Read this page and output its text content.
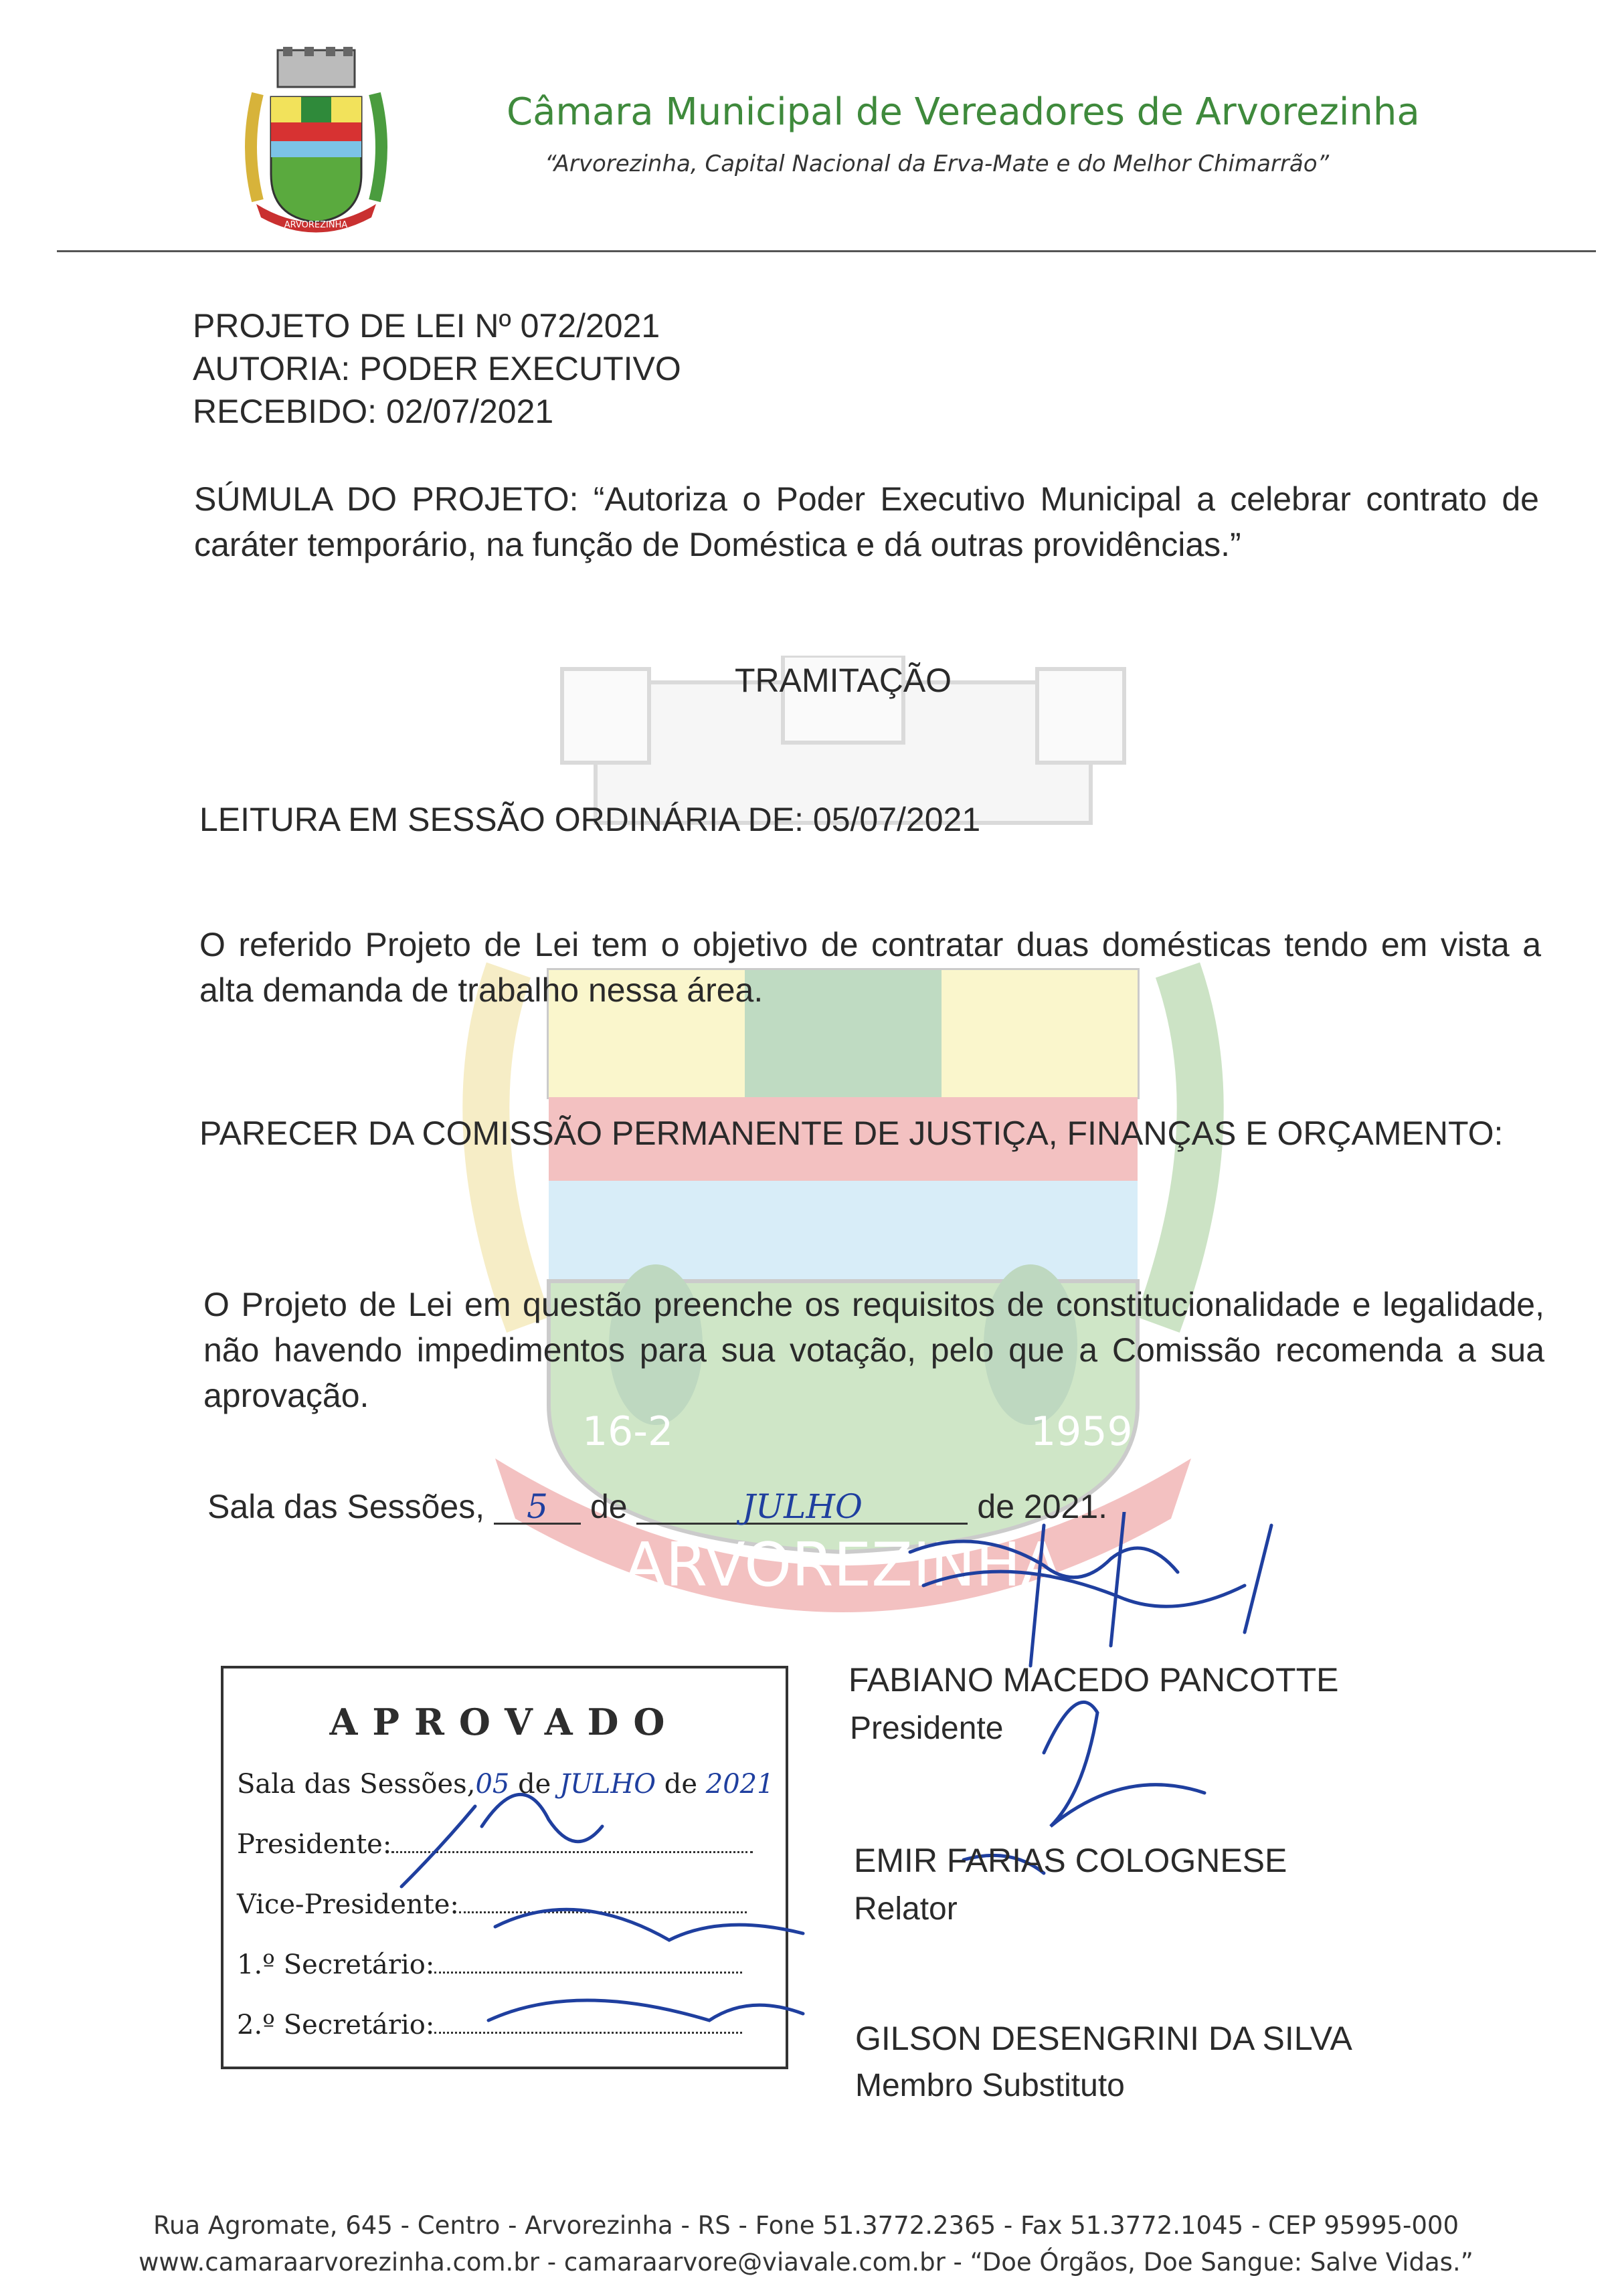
ARVOREZINHA
Câmara Municipal de Vereadores de Arvorezinha
“Arvorezinha, Capital Nacional da Erva-Mate e do Melhor Chimarrão”
ARVOREZINHA
16-2	1959
PROJETO DE LEI Nº 072/2021
AUTORIA: PODER EXECUTIVO
RECEBIDO: 02/07/2021
SÚMULA DO PROJETO: “Autoriza o Poder Executivo Municipal a celebrar contrato de caráter temporário, na função de Doméstica e dá outras providências.”
TRAMITAÇÃO
LEITURA EM SESSÃO ORDINÁRIA DE: 05/07/2021
O referido Projeto de Lei tem o objetivo de contratar duas domésticas tendo em vista a alta demanda de trabalho nessa área.
PARECER DA COMISSÃO PERMANENTE DE JUSTIÇA, FINANÇAS E ORÇAMENTO:
O Projeto de Lei em questão preenche os requisitos de constitucionalidade e legalidade, não havendo impedimentos para sua votação, pelo que a Comissão recomenda a sua aprovação.
Sala das Sessões, 5 de	JULHO	de 2021.
APROVADO
Sala das Sessões,05 de JULHO de 2021
Presidente:
Vice-Presidente:
1.º Secretário:
2.º Secretário:
FABIANO MACEDO PANCOTTE
Presidente
EMIR FARIAS COLOGNESE
Relator
GILSON DESENGRINI DA SILVA
Membro Substituto
Rua Agromate, 645 - Centro - Arvorezinha - RS - Fone 51.3772.2365 - Fax 51.3772.1045 - CEP 95995-000
www.camaraarvorezinha.com.br - camaraarvore@viavale.com.br - “Doe Órgãos, Doe Sangue: Salve Vidas.”
